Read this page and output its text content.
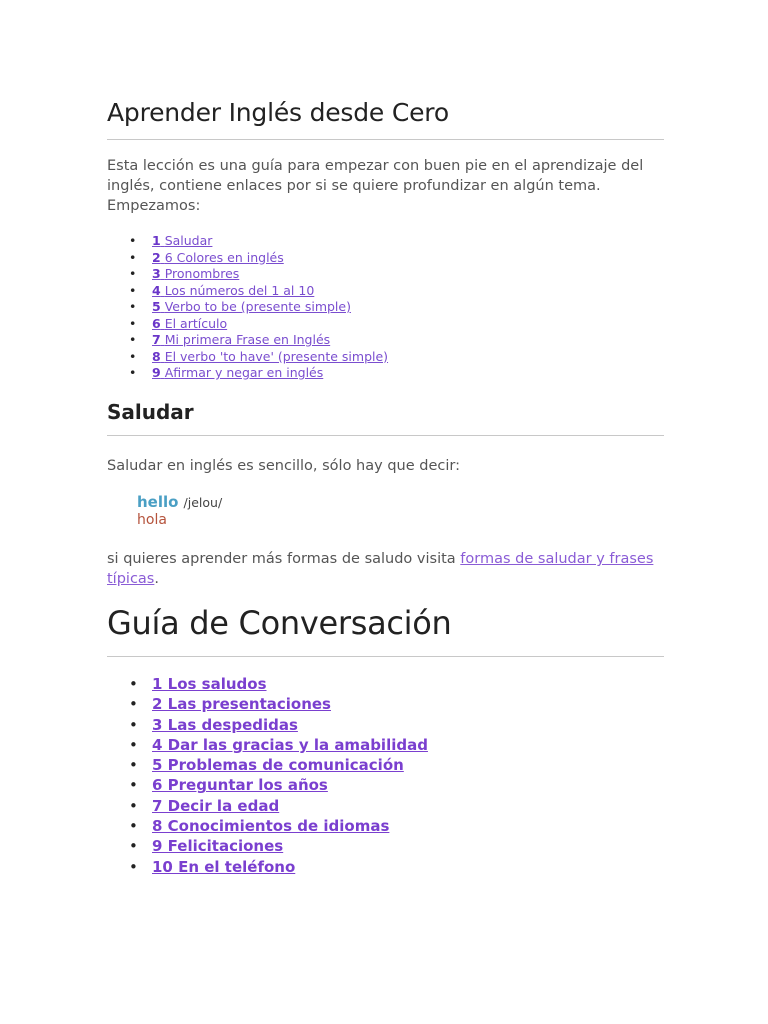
Aprender Inglés desde Cero

Esta lección es una guía para empezar con buen pie en el aprendizaje del inglés, contiene enlaces por si se quiere profundizar en algún tema. Empezamos:

• 1 Saludar
• 2 6 Colores en inglés
• 3 Pronombres
• 4 Los números del 1 al 10
• 5 Verbo to be (presente simple)
• 6 El artículo
• 7 Mi primera Frase en Inglés
• 8 El verbo 'to have' (presente simple)
• 9 Afirmar y negar en inglés
Saludar

Saludar en inglés es sencillo, sólo hay que decir:

hello /jelou/
hola

si quieres aprender más formas de saludo visita formas de saludar y frases típicas.

Guía de Conversación
• 1 Los saludos
• 2 Las presentaciones
• 3 Las despedidas
• 4 Dar las gracias y la amabilidad
• 5 Problemas de comunicación
• 6 Preguntar los años
• 7 Decir la edad
• 8 Conocimientos de idiomas
• 9 Felicitaciones
• 10 En el teléfono
